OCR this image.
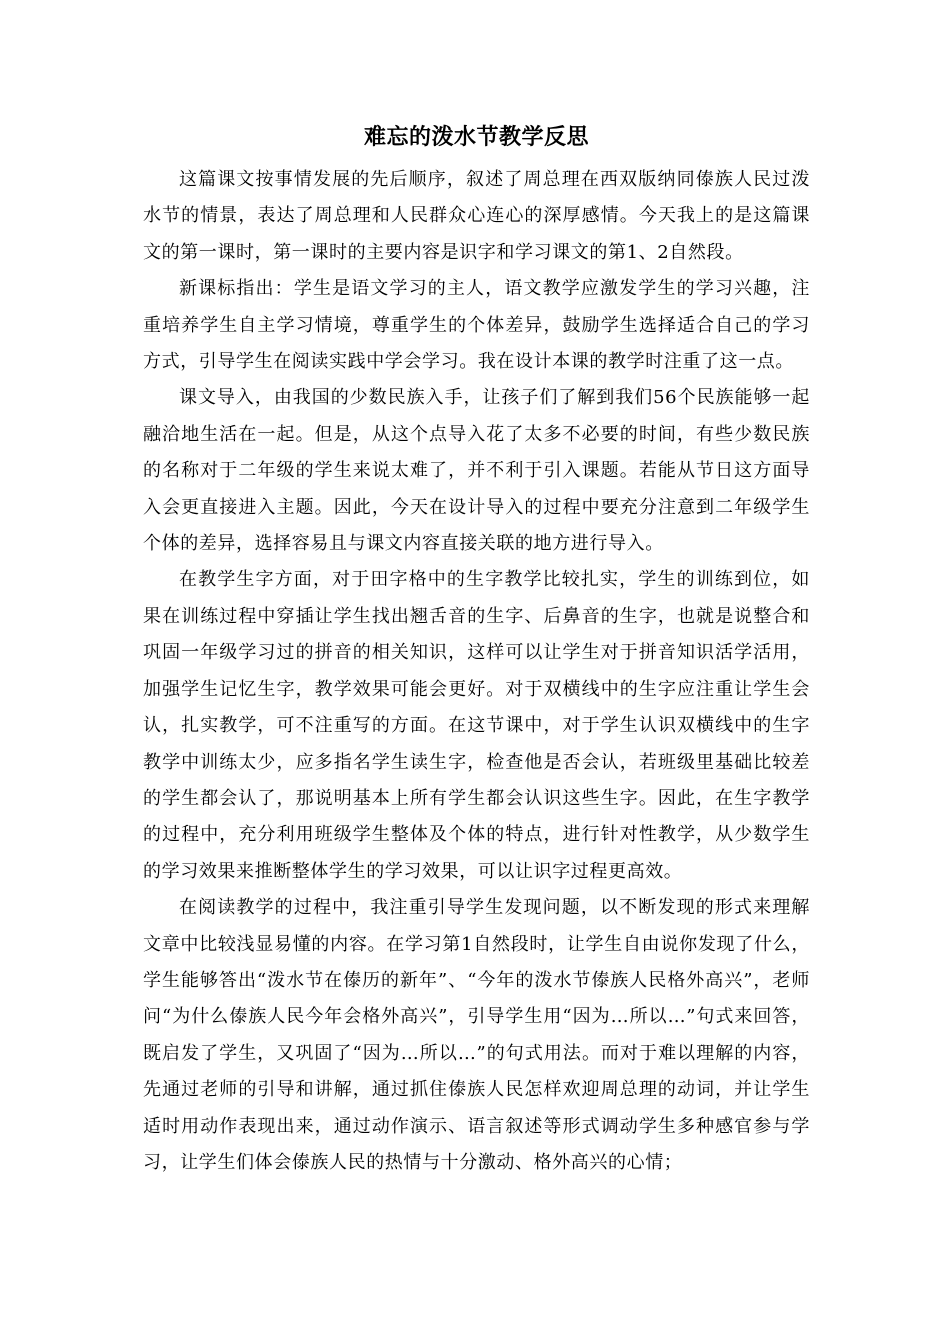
难忘的泼水节教学反思

这篇课文按事情发展的先后顺序，叙述了周总理在西双版纳同傣族人民过泼水节的情景，表达了周总理和人民群众心连心的深厚感情。今天我上的是这篇课文的第一课时，第一课时的主要内容是识字和学习课文的第1、2自然段。

新课标指出：学生是语文学习的主人，语文教学应激发学生的学习兴趣，注重培养学生自主学习情境，尊重学生的个体差异，鼓励学生选择适合自己的学习方式，引导学生在阅读实践中学会学习。我在设计本课的教学时注重了这一点。

课文导入，由我国的少数民族入手，让孩子们了解到我们56个民族能够一起融洽地生活在一起。但是，从这个点导入花了太多不必要的时间，有些少数民族的名称对于二年级的学生来说太难了，并不利于引入课题。若能从节日这方面导入会更直接进入主题。因此，今天在设计导入的过程中要充分注意到二年级学生个体的差异，选择容易且与课文内容直接关联的地方进行导入。

在教学生字方面，对于田字格中的生字教学比较扎实，学生的训练到位，如果在训练过程中穿插让学生找出翘舌音的生字、后鼻音的生字，也就是说整合和巩固一年级学习过的拼音的相关知识，这样可以让学生对于拼音知识活学活用，加强学生记忆生字，教学效果可能会更好。对于双横线中的生字应注重让学生会认，扎实教学，可不注重写的方面。在这节课中，对于学生认识双横线中的生字教学中训练太少，应多指名学生读生字，检查他是否会认，若班级里基础比较差的学生都会认了，那说明基本上所有学生都会认识这些生字。因此，在生字教学的过程中，充分利用班级学生整体及个体的特点，进行针对性教学，从少数学生的学习效果来推断整体学生的学习效果，可以让识字过程更高效。

在阅读教学的过程中，我注重引导学生发现问题，以不断发现的形式来理解文章中比较浅显易懂的内容。在学习第1自然段时，让学生自由说你发现了什么，学生能够答出“泼水节在傣历的新年”、“今年的泼水节傣族人民格外高兴”，老师问“为什么傣族人民今年会格外高兴”，引导学生用“因为…所以…”句式来回答，既启发了学生，又巩固了“因为…所以…”的句式用法。而对于难以理解的内容，先通过老师的引导和讲解，通过抓住傣族人民怎样欢迎周总理的动词，并让学生适时用动作表现出来，通过动作演示、语言叙述等形式调动学生多种感官参与学习，让学生们体会傣族人民的热情与十分激动、格外高兴的心情；
